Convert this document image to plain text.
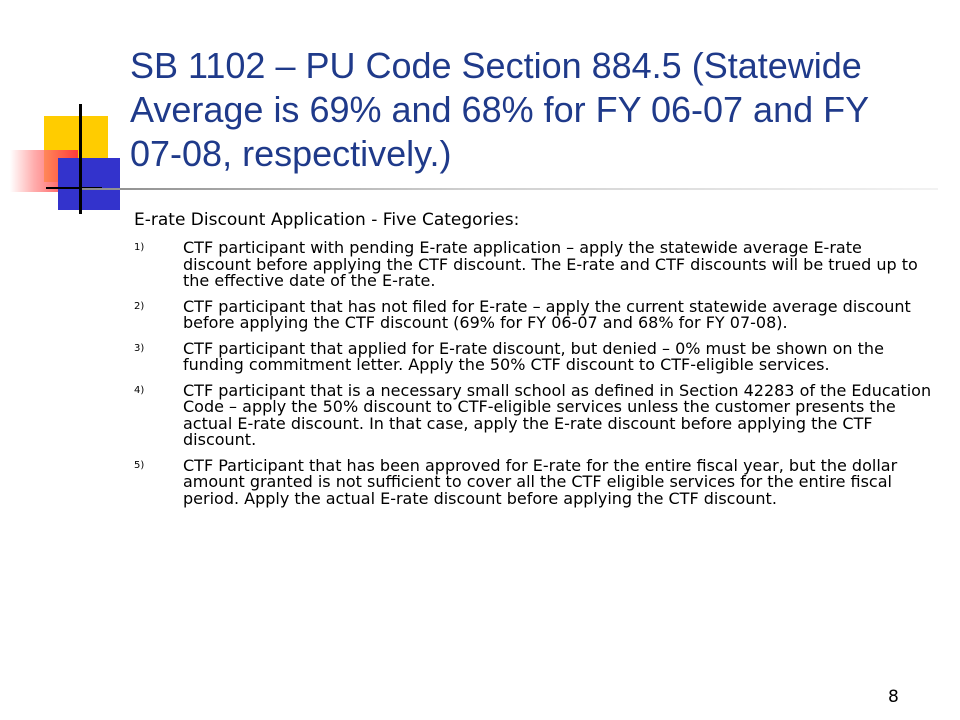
SB 1102 – PU Code Section 884.5 (Statewide Average is 69% and 68% for FY 06-07 and FY 07-08, respectively.)
E-rate Discount Application - Five Categories:
1) CTF participant with pending E-rate application – apply the statewide average E-rate discount before applying the CTF discount. The E-rate and CTF discounts will be trued up to the effective date of the E-rate.
2) CTF participant that has not filed for E-rate – apply the current statewide average discount before applying the CTF discount (69% for FY 06-07 and 68% for FY 07-08).
3) CTF participant that applied for E-rate discount, but denied – 0% must be shown on the funding commitment letter. Apply the 50% CTF discount to CTF-eligible services.
4) CTF participant that is a necessary small school as defined in Section 42283 of the Education Code – apply the 50% discount to CTF-eligible services unless the customer presents the actual E-rate discount. In that case, apply the E-rate discount before applying the CTF discount.
5) CTF Participant that has been approved for E-rate for the entire fiscal year, but the dollar amount granted is not sufficient to cover all the CTF eligible services for the entire fiscal period. Apply the actual E-rate discount before applying the CTF discount.
8
